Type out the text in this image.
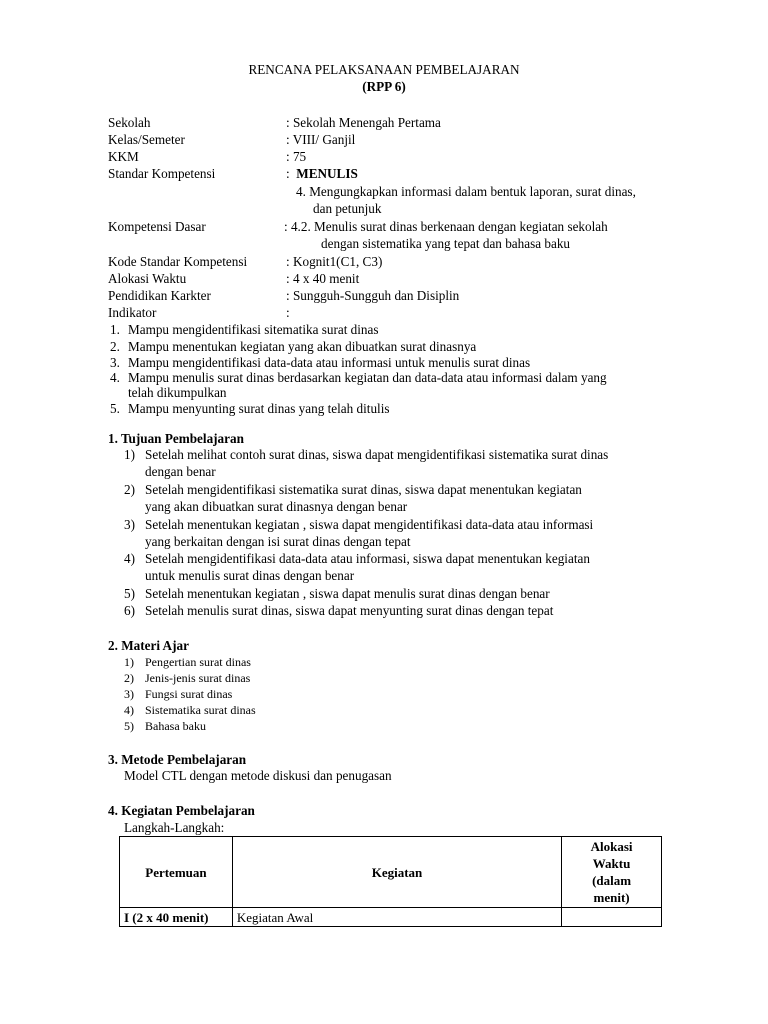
RENCANA PELAKSANAAN PEMBELAJARAN
(RPP 6)
Sekolah	: Sekolah Menengah Pertama
Kelas/Semeter	: VIII/ Ganjil
KKM	: 75
Standar Kompetensi	:  MENULIS
4. Mengungkapkan informasi dalam bentuk laporan, surat dinas,
dan petunjuk
Kompetensi Dasar	: 4.2. Menulis surat dinas berkenaan dengan kegiatan sekolah
dengan sistematika yang tepat dan bahasa baku
Kode Standar Kompetensi	: Kognit1(C1, C3)
Alokasi Waktu	: 4 x 40 menit
Pendidikan Karkter	: Sungguh-Sungguh dan Disiplin
Indikator	:
1. Mampu mengidentifikasi sitematika surat dinas
2. Mampu menentukan kegiatan yang akan dibuatkan surat dinasnya
3. Mampu mengidentifikasi data-data atau informasi untuk menulis surat dinas
4. Mampu menulis surat dinas berdasarkan kegiatan dan data-data atau informasi dalam yang
telah dikumpulkan
5. Mampu menyunting surat dinas yang telah ditulis
1. Tujuan Pembelajaran
1) Setelah melihat contoh surat dinas, siswa dapat mengidentifikasi sistematika surat dinas
dengan benar
2) Setelah mengidentifikasi sistematika surat dinas, siswa dapat menentukan kegiatan
yang akan dibuatkan surat dinasnya dengan benar
3) Setelah menentukan kegiatan , siswa dapat mengidentifikasi data-data atau informasi
yang berkaitan dengan isi surat dinas dengan tepat
4) Setelah mengidentifikasi data-data atau informasi, siswa dapat menentukan kegiatan
untuk menulis surat dinas dengan benar
5) Setelah menentukan kegiatan , siswa dapat menulis surat dinas dengan benar
6) Setelah menulis surat dinas, siswa dapat menyunting surat dinas dengan tepat
2. Materi Ajar
1) Pengertian surat dinas
2) Jenis-jenis surat dinas
3) Fungsi surat dinas
4) Sistematika surat dinas
5) Bahasa baku
3. Metode Pembelajaran
Model CTL dengan metode diskusi dan penugasan
4. Kegiatan Pembelajaran
Langkah-Langkah:
Pertemuan	Kegiatan	Alokasi
Waktu
(dalam
menit)

I (2 x 40 menit)	Kegiatan Awal	
